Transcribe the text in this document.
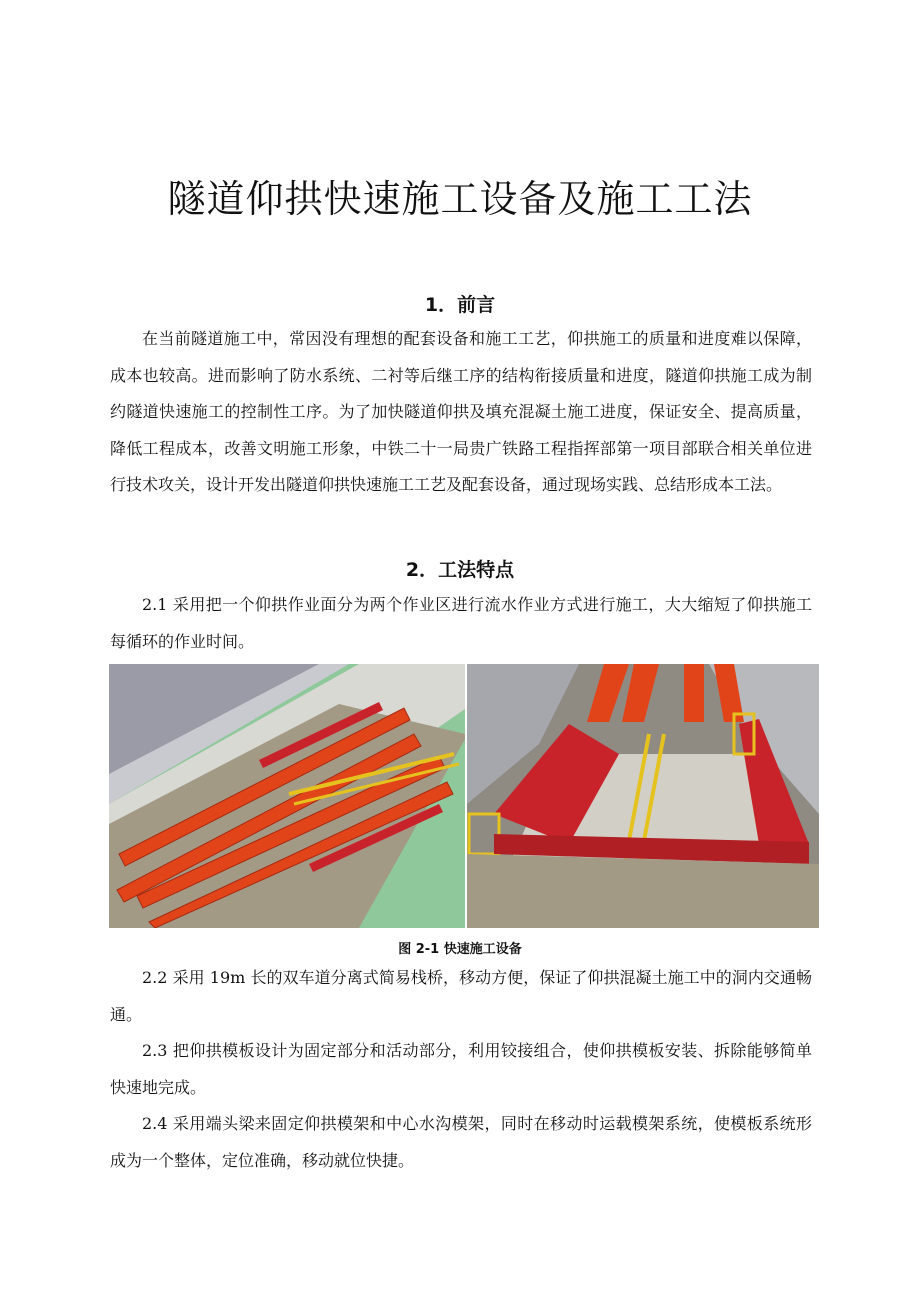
隧道仰拱快速施工设备及施工工法
1．前言

在当前隧道施工中，常因没有理想的配套设备和施工工艺，仰拱施工的质量和进度难以保障，成本也较高。进而影响了防水系统、二衬等后继工序的结构衔接质量和进度，隧道仰拱施工成为制约隧道快速施工的控制性工序。为了加快隧道仰拱及填充混凝土施工进度，保证安全、提高质量，降低工程成本，改善文明施工形象，中铁二十一局贵广铁路工程指挥部第一项目部联合相关单位进行技术攻关，设计开发出隧道仰拱快速施工工艺及配套设备，通过现场实践、总结形成本工法。

2．工法特点

2.1 采用把一个仰拱作业面分为两个作业区进行流水作业方式进行施工，大大缩短了仰拱施工每循环的作业时间。

图 2-1 快速施工设备

2.2 采用 19m 长的双车道分离式简易栈桥，移动方便，保证了仰拱混凝土施工中的洞内交通畅通。

2.3 把仰拱模板设计为固定部分和活动部分，利用铰接组合，使仰拱模板安装、拆除能够简单快速地完成。

2.4 采用端头梁来固定仰拱模架和中心水沟模架，同时在移动时运载模架系统，使模板系统形成为一个整体，定位准确，移动就位快捷。
